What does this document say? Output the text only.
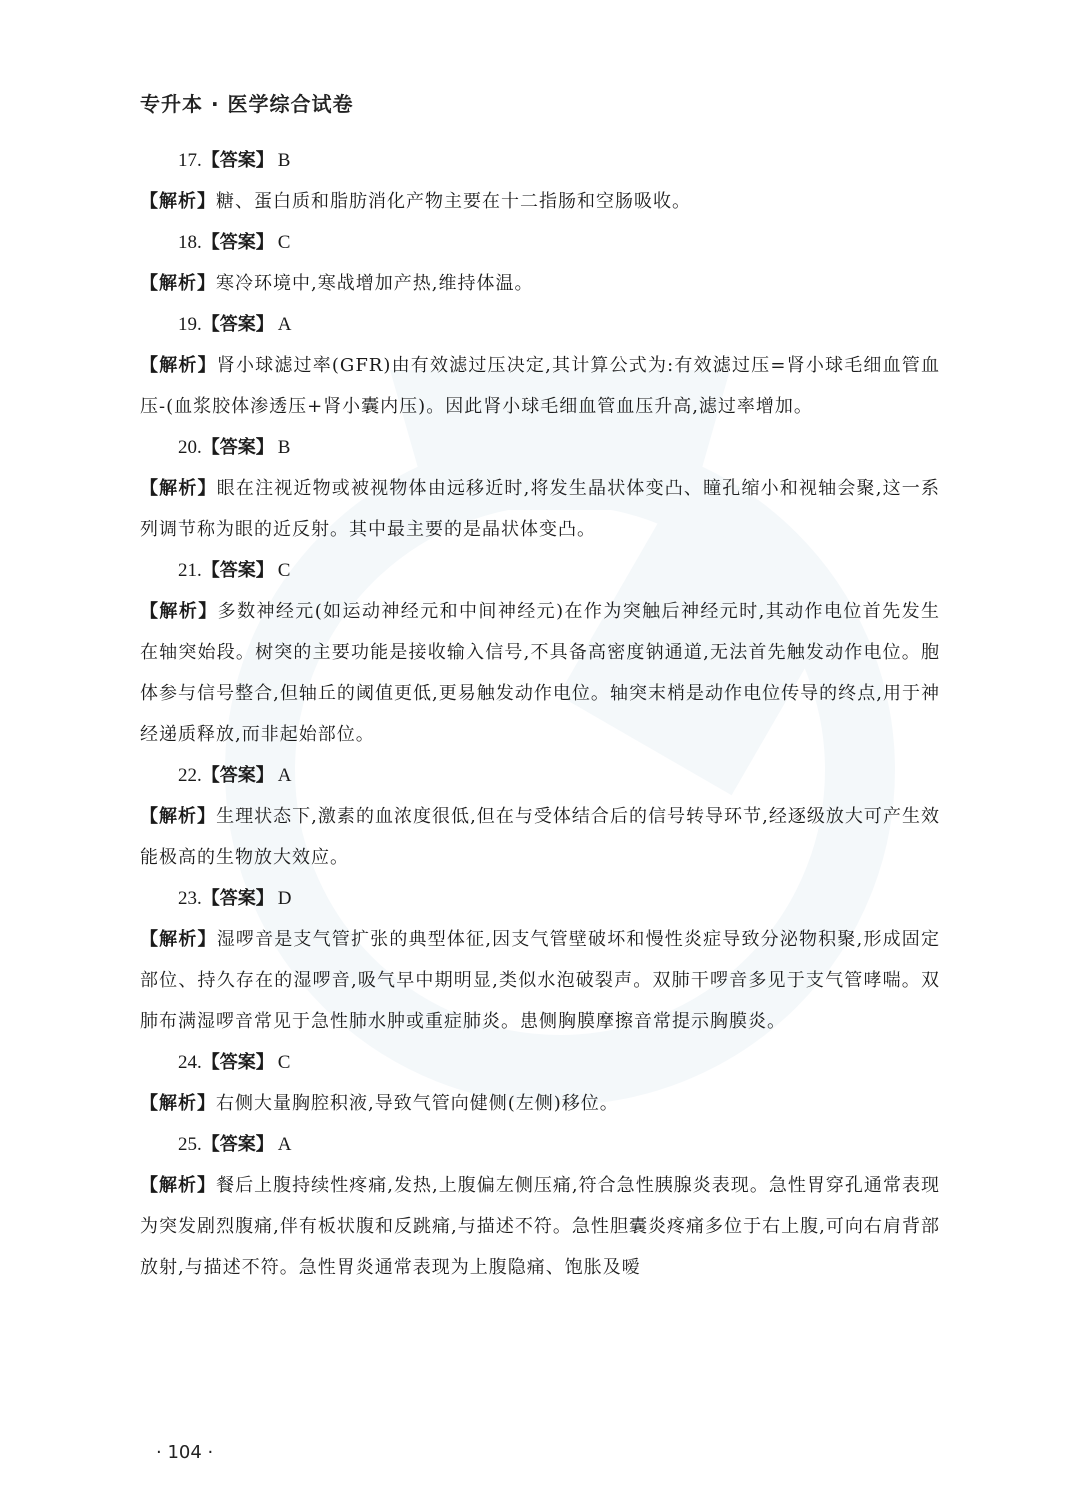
专升本 · 医学综合试卷

17.【答案】 B

【解析】糖、蛋白质和脂肪消化产物主要在十二指肠和空肠吸收。

18.【答案】 C

【解析】寒冷环境中,寒战增加产热,维持体温。

19.【答案】 A

【解析】肾小球滤过率(GFR)由有效滤过压决定,其计算公式为:有效滤过压=肾小球毛细血管血压-(血浆胶体渗透压+肾小囊内压)。因此肾小球毛细血管血压升高,滤过率增加。

20.【答案】 B

【解析】眼在注视近物或被视物体由远移近时,将发生晶状体变凸、瞳孔缩小和视轴会聚,这一系列调节称为眼的近反射。其中最主要的是晶状体变凸。

21.【答案】 C

【解析】多数神经元(如运动神经元和中间神经元)在作为突触后神经元时,其动作电位首先发生在轴突始段。树突的主要功能是接收输入信号,不具备高密度钠通道,无法首先触发动作电位。胞体参与信号整合,但轴丘的阈值更低,更易触发动作电位。轴突末梢是动作电位传导的终点,用于神经递质释放,而非起始部位。

22.【答案】 A

【解析】生理状态下,激素的血浓度很低,但在与受体结合后的信号转导环节,经逐级放大可产生效能极高的生物放大效应。

23.【答案】 D

【解析】湿啰音是支气管扩张的典型体征,因支气管壁破坏和慢性炎症导致分泌物积聚,形成固定部位、持久存在的湿啰音,吸气早中期明显,类似水泡破裂声。双肺干啰音多见于支气管哮喘。双肺布满湿啰音常见于急性肺水肿或重症肺炎。患侧胸膜摩擦音常提示胸膜炎。

24.【答案】 C

【解析】右侧大量胸腔积液,导致气管向健侧(左侧)移位。

25.【答案】 A

【解析】餐后上腹持续性疼痛,发热,上腹偏左侧压痛,符合急性胰腺炎表现。急性胃穿孔通常表现为突发剧烈腹痛,伴有板状腹和反跳痛,与描述不符。急性胆囊炎疼痛多位于右上腹,可向右肩背部放射,与描述不符。急性胃炎通常表现为上腹隐痛、饱胀及嗳

· 104 ·
